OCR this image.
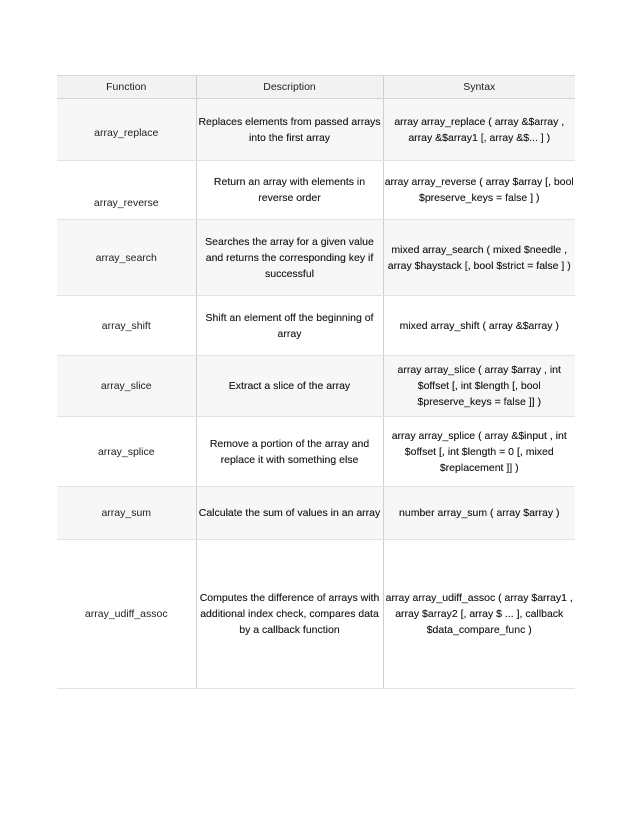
Function	Description	Syntax
array_replace	Replaces elements from passed arrays into the first array	array array_replace ( array &$array , array &$array1 [, array &$... ] )
array_reverse	Return an array with elements in reverse order	array array_reverse ( array $array [, bool $preserve_keys = false ] )
array_search	Searches the array for a given value and returns the corresponding key if successful	mixed array_search ( mixed $needle , array $haystack [, bool $strict = false ] )
array_shift	Shift an element off the beginning of array	mixed array_shift ( array &$array )
array_slice	Extract a slice of the array	array array_slice ( array $array , int $offset [, int $length [, bool $preserve_keys = false ]] )
array_splice	Remove a portion of the array and replace it with something else	array array_splice ( array &$input , int $offset [, int $length = 0 [, mixed $replacement ]] )
array_sum	Calculate the sum of values in an array	number array_sum ( array $array )
array_udiff_assoc	Computes the difference of arrays with additional index check, compares data by a callback function	array array_udiff_assoc ( array $array1 , array $array2 [, array $ ... ], callback $data_compare_func )
